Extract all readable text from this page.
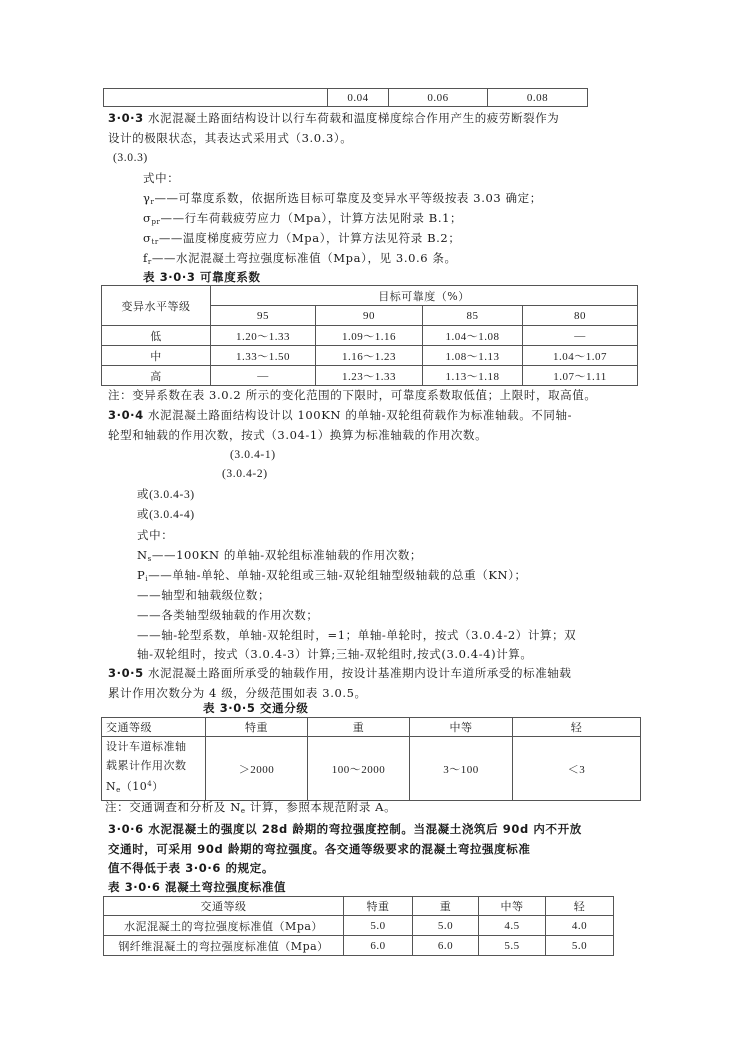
	0.04	0.06	0.08
3·0·3 水泥混凝土路面结构设计以行车荷载和温度梯度综合作用产生的疲劳断裂作为
设计的极限状态，其表达式采用式（3.0.3）。
(3.0.3)
式中：
$\gamma_r——$可靠度系数，依据所选目标可靠度及变异水平等级按表 3.03 确定；
$\sigma_{pr}——$行车荷载疲劳应力（Mpa），计算方法见附录 B.1；
$\sigma_{tr}——$温度梯度疲劳应力（Mpa），计算方法见符录 B.2；
$f_r——$水泥混凝土弯拉强度标准值（Mpa），见 3.0.6 条。
表 3·0·3 可靠度系数
变异水平等级	目标可靠度（%）			
	95	90	85	80
低	1.20～1.33	1.09～1.16	1.04～1.08	—
中	1.33～1.50	1.16～1.23	1.08～1.13	1.04～1.07
高	—	1.23～1.33	1.13～1.18	1.07～1.11
注：变异系数在表 3.0.2 所示的变化范围的下限时，可靠度系数取低值；上限时，取高值。
3·0·4 水泥混凝土路面结构设计以 100KN 的单轴-双轮组荷载作为标准轴载。不同轴-
轮型和轴载的作用次数，按式（3.04-1）换算为标准轴载的作用次数。
(3.0.4-1)
(3.0.4-2)
或(3.0.4-3)
或(3.0.4-4)
式中：
$N_s——100KN$ 的单轴-双轮组标准轴载的作用次数；
$P_i——$单轴-单轮、单轴-双轮组或三轴-双轮组轴型级轴载的总重（KN）；
——轴型和轴载级位数；
——各类轴型级轴载的作用次数；
——轴-轮型系数，单轴-双轮组时，=1；单轴-单轮时，按式（3.0.4-2）计算；双
轴-双轮组时，按式（3.0.4-3）计算;三轴-双轮组时,按式(3.0.4-4)计算。
3·0·5 水泥混凝土路面所承受的轴载作用，按设计基准期内设计车道所承受的标准轴载
累计作用次数分为 4 级，分级范围如表 3.0.5。
表 3·0·5 交通分级
交通等级	特重	重	中等	轻

设计车道标准轴
载累计作用次数
$N_e(10^4)$	＞2000	100～2000	3～100	＜3
注：交通调查和分析及 $N_e$ 计算，参照本规范附录 A。
3·0·6 水泥混凝土的强度以 28d 龄期的弯拉强度控制。当混凝土浇筑后 90d 内不开放
交通时，可采用 90d 龄期的弯拉强度。各交通等级要求的混凝土弯拉强度标准
值不得低于表 3·0·6 的规定。
表 3·0·6 混凝土弯拉强度标准值
交通等级	特重	重	中等	轻
水泥混凝土的弯拉强度标准值（Mpa）	5.0	5.0	4.5	4.0
钢纤维混凝土的弯拉强度标准值（Mpa）	6.0	6.0	5.5	5.0
